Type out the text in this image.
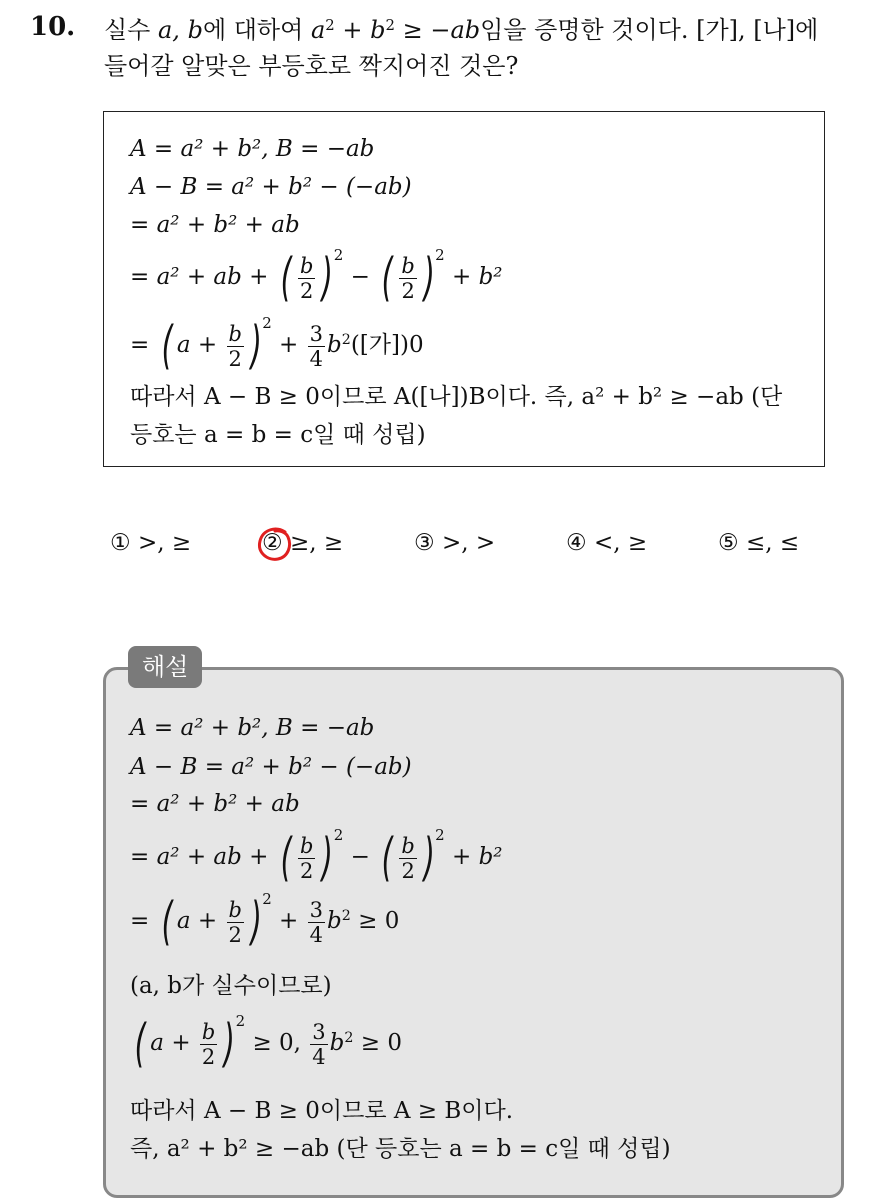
10. 실수 a, b에 대하여 $a^2 + b^2 \ge -ab$임을 증명한 것이다. [가], [나]에
들어갈 알맞은 부등호로 짝지어진 것은?
A = a² + b², B = −ab
A − B = a² + b² − (−ab)
= a² + b² + ab
= a² + ab + ( $\frac{b}{2} )^2$ − ( $\frac{b}{2} )^2 + b^2$
= ( $a + \frac{b}{2} )^2 + \frac{3}{4} b^2$([가])0
따라서 A − B ≥ 0이므로 A([나])B이다. 즉, a² + b² ≥ −ab (단
등호는 a = b = c일 때 성립)
① >, ≥	② ≥, ≥	③ >, >	④ <, ≥	⑤ ≤, ≤
해설
A = a² + b², B = −ab
A − B = a² + b² − (−ab)
= a² + b² + ab
= a² + ab + ( $\frac{b}{2} )^2$ − ( $\frac{b}{2} )^2 + b^2$
= ( $a + \frac{b}{2} )^2 + \frac{3}{4} b^2 \ge 0$
(a, b가 실수이므로)
( $a + \frac{b}{2} )^2 \ge 0$, $\frac{3}{4} b^2 \ge 0$
따라서 A − B ≥ 0이므로 A ≥ B이다.
즉, a² + b² ≥ −ab (단 등호는 a = b = c일 때 성립)
